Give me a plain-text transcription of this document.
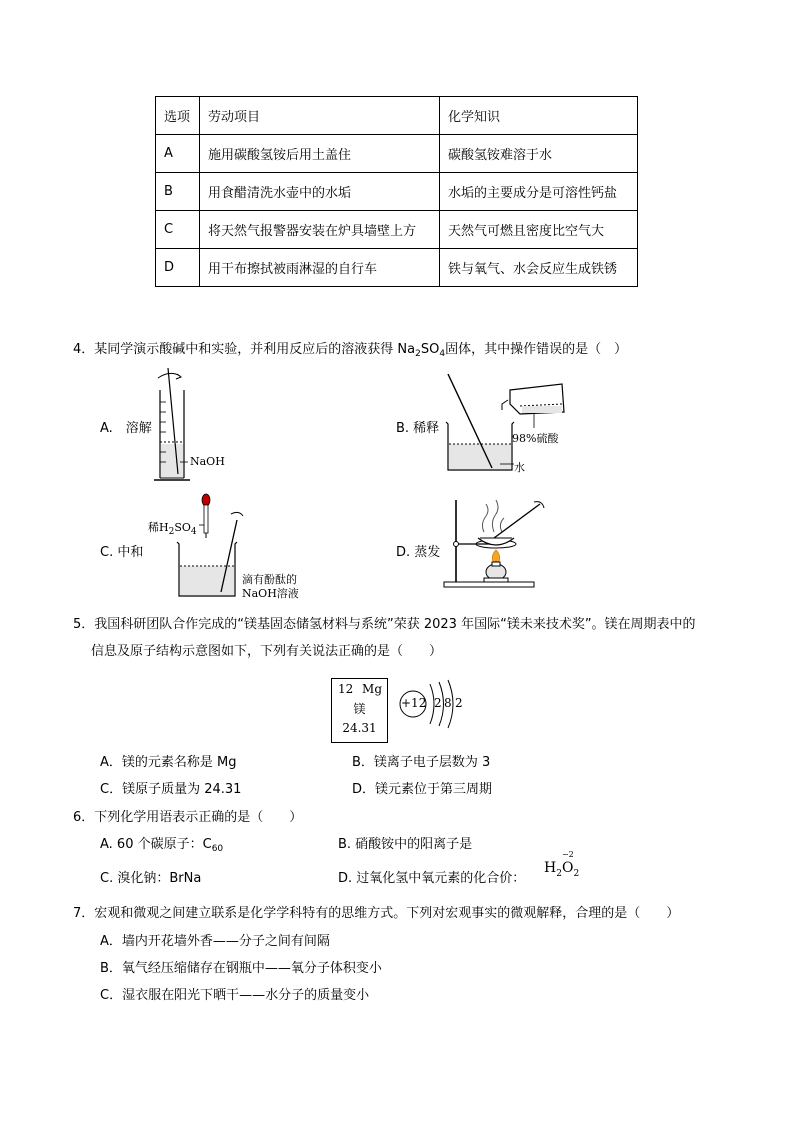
选项	劳动项目	化学知识
A	施用碳酸氢铵后用土盖住	碳酸氢铵难溶于水
B	用食醋清洗水壶中的水垢	水垢的主要成分是可溶性钙盐
C	将天然气报警器安装在炉具墙壁上方	天然气可燃且密度比空气大
D	用干布擦拭被雨淋湿的自行车	铁与氧气、水会反应生成铁锈
4．某同学演示酸碱中和实验，并利用反应后的溶液获得 $Na_2SO_4$固体，其中操作错误的是（　）
A.　溶解
NaOH
B. 稀释
98%硫酸
水
C. 中和
稀$H_2SO_4$
滴有酚酞的
NaOH溶液
D. 蒸发
5．我国科研团队合作完成的“镁基固态储氢材料与系统”荣获 2023 年国际“镁未来技术奖”。镁在周期表中的
信息及原子结构示意图如下，下列有关说法正确的是（　　）
12 Mg
镁
24.31
+12 2 8 2
A．镁的元素名称是 Mg	B．镁离子电子层数为 3
C．镁原子质量为 24.31	D．镁元素位于第三周期
6．下列化学用语表示正确的是（　　）
A. 60 个碳原子：$C_{60}$	B. 硝酸铵中的阳离子是
C. 溴化钠：BrNa	D. 过氧化氢中氧元素的化合价：
$H_2$
−2
$O_2$
7．宏观和微观之间建立联系是化学学科特有的思维方式。下列对宏观事实的微观解释，合理的是（　　）
A．墙内开花墙外香——分子之间有间隔
B．氧气经压缩储存在钢瓶中——氧分子体积变小
C．湿衣服在阳光下晒干——水分子的质量变小
